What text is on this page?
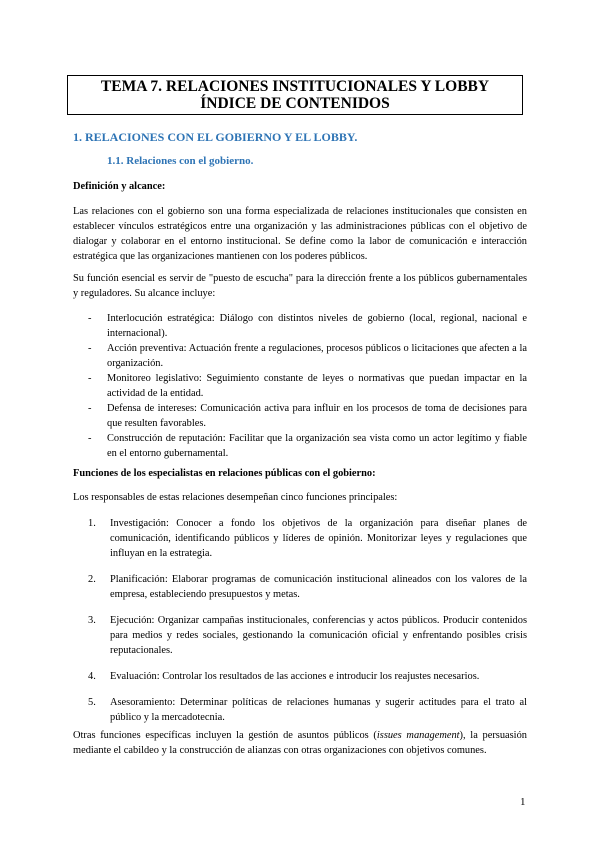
TEMA 7. RELACIONES INSTITUCIONALES Y LOBBY ÍNDICE DE CONTENIDOS
1. RELACIONES CON EL GOBIERNO Y EL LOBBY.
1.1. Relaciones con el gobierno.
Definición y alcance:
Las relaciones con el gobierno son una forma especializada de relaciones institucionales que consisten en establecer vínculos estratégicos entre una organización y las administraciones públicas con el objetivo de dialogar y colaborar en el entorno institucional. Se define como la labor de comunicación e interacción estratégica que las organizaciones mantienen con los poderes públicos.
Su función esencial es servir de "puesto de escucha" para la dirección frente a los públicos gubernamentales y reguladores. Su alcance incluye:
- Interlocución estratégica: Diálogo con distintos niveles de gobierno (local, regional, nacional e internacional).
- Acción preventiva: Actuación frente a regulaciones, procesos públicos o licitaciones que afecten a la organización.
- Monitoreo legislativo: Seguimiento constante de leyes o normativas que puedan impactar en la actividad de la entidad.
- Defensa de intereses: Comunicación activa para influir en los procesos de toma de decisiones para que resulten favorables.
- Construcción de reputación: Facilitar que la organización sea vista como un actor legítimo y fiable en el entorno gubernamental.
Funciones de los especialistas en relaciones públicas con el gobierno:
Los responsables de estas relaciones desempeñan cinco funciones principales:
1. Investigación: Conocer a fondo los objetivos de la organización para diseñar planes de comunicación, identificando públicos y líderes de opinión. Monitorizar leyes y regulaciones que influyan en la estrategia.
2. Planificación: Elaborar programas de comunicación institucional alineados con los valores de la empresa, estableciendo presupuestos y metas.
3. Ejecución: Organizar campañas institucionales, conferencias y actos públicos. Producir contenidos para medios y redes sociales, gestionando la comunicación oficial y enfrentando posibles crisis reputacionales.
4. Evaluación: Controlar los resultados de las acciones e introducir los reajustes necesarios.
5. Asesoramiento: Determinar políticas de relaciones humanas y sugerir actitudes para el trato al público y la mercadotecnia.
Otras funciones específicas incluyen la gestión de asuntos públicos (issues management), la persuasión mediante el cabildeo y la construcción de alianzas con otras organizaciones con objetivos comunes.
1
